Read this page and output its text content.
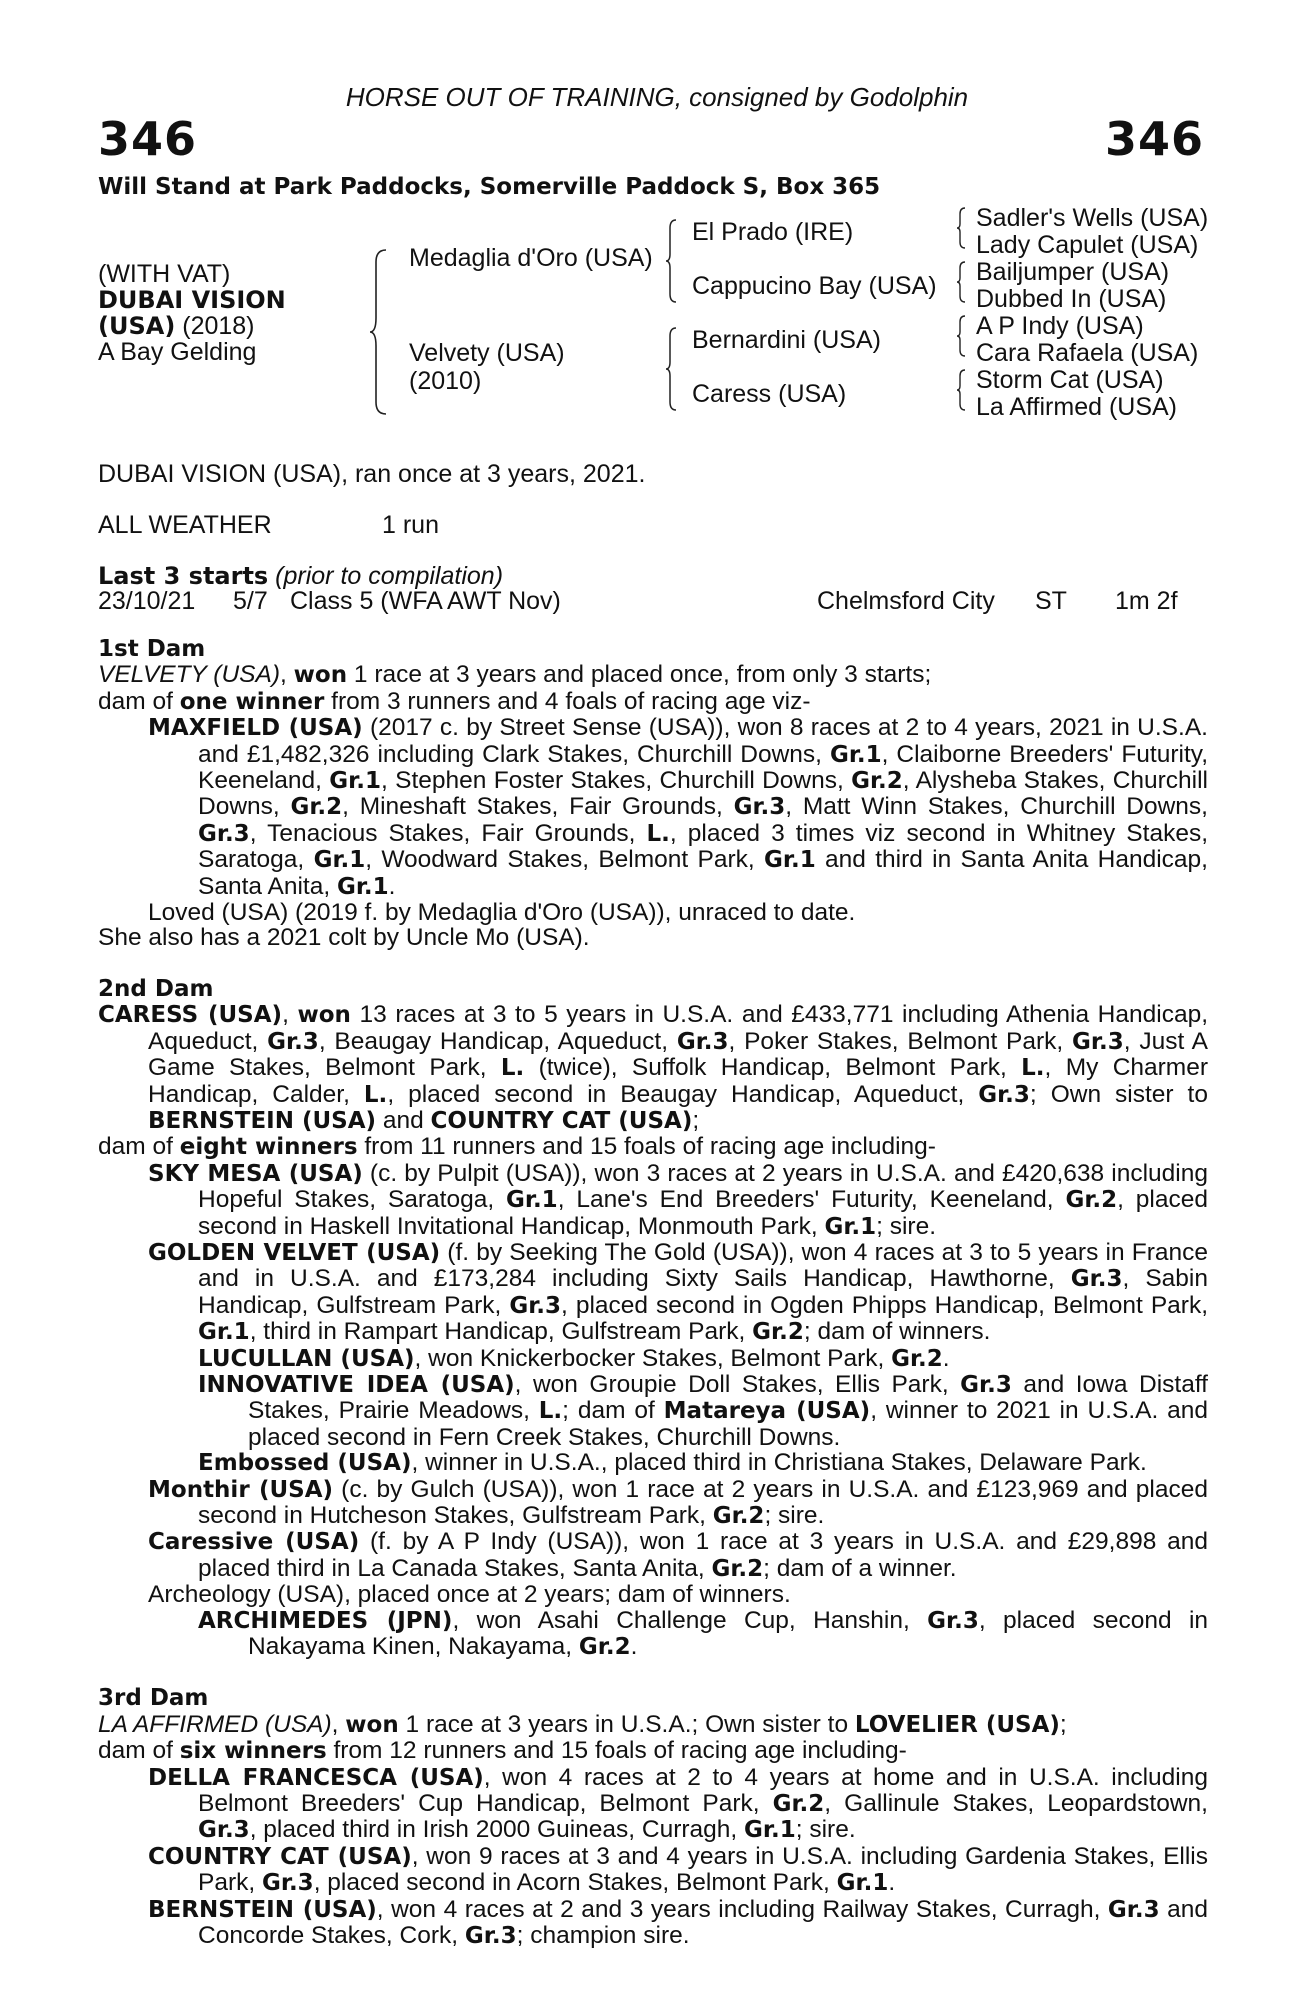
HORSE OUT OF TRAINING, consigned by Godolphin
346	346
Will Stand at Park Paddocks, Somerville Paddock S, Box 365
(WITH VAT)
DUBAI VISION
(USA) (2018)
A Bay Gelding
Medaglia d'Oro (USA)
Velvety (USA)
(2010)
El Prado (IRE)
Cappucino Bay (USA)
Bernardini (USA)
Caress (USA)
Sadler's Wells (USA)
Lady Capulet (USA)
Bailjumper (USA)
Dubbed In (USA)
A P Indy (USA)
Cara Rafaela (USA)
Storm Cat (USA)
La Affirmed (USA)
DUBAI VISION (USA), ran once at 3 years, 2021.
ALL WEATHER	1 run
Last 3 starts (prior to compilation)
23/10/21 5/7 Class 5 (WFA AWT Nov)	Chelmsford City ST 1m 2f

1st Dam

VELVETY (USA), won 1 race at 3 years and placed once, from only 3 starts;

dam of one winner from 3 runners and 4 foals of racing age viz-

MAXFIELD (USA) (2017 c. by Street Sense (USA)), won 8 races at 2 to 4 years, 2021 in U.S.A. and £1,482,326 including Clark Stakes, Churchill Downs, Gr.1, Claiborne Breeders' Futurity, Keeneland, Gr.1, Stephen Foster Stakes, Churchill Downs, Gr.2, Alysheba Stakes, Churchill Downs, Gr.2, Mineshaft Stakes, Fair Grounds, Gr.3, Matt Winn Stakes, Churchill Downs, Gr.3, Tenacious Stakes, Fair Grounds, L., placed 3 times viz second in Whitney Stakes, Saratoga, Gr.1, Woodward Stakes, Belmont Park, Gr.1 and third in Santa Anita Handicap, Santa Anita, Gr.1.

Loved (USA) (2019 f. by Medaglia d'Oro (USA)), unraced to date.

She also has a 2021 colt by Uncle Mo (USA).

2nd Dam

CARESS (USA), won 13 races at 3 to 5 years in U.S.A. and £433,771 including Athenia Handicap, Aqueduct, Gr.3, Beaugay Handicap, Aqueduct, Gr.3, Poker Stakes, Belmont Park, Gr.3, Just A Game Stakes, Belmont Park, L. (twice), Suffolk Handicap, Belmont Park, L., My Charmer Handicap, Calder, L., placed second in Beaugay Handicap, Aqueduct, Gr.3; Own sister to BERNSTEIN (USA) and COUNTRY CAT (USA);

dam of eight winners from 11 runners and 15 foals of racing age including-

SKY MESA (USA) (c. by Pulpit (USA)), won 3 races at 2 years in U.S.A. and £420,638 including Hopeful Stakes, Saratoga, Gr.1, Lane's End Breeders' Futurity, Keeneland, Gr.2, placed second in Haskell Invitational Handicap, Monmouth Park, Gr.1; sire.

GOLDEN VELVET (USA) (f. by Seeking The Gold (USA)), won 4 races at 3 to 5 years in France and in U.S.A. and £173,284 including Sixty Sails Handicap, Hawthorne, Gr.3, Sabin Handicap, Gulfstream Park, Gr.3, placed second in Ogden Phipps Handicap, Belmont Park, Gr.1, third in Rampart Handicap, Gulfstream Park, Gr.2; dam of winners.

LUCULLAN (USA), won Knickerbocker Stakes, Belmont Park, Gr.2.

INNOVATIVE IDEA (USA), won Groupie Doll Stakes, Ellis Park, Gr.3 and Iowa Distaff Stakes, Prairie Meadows, L.; dam of Matareya (USA), winner to 2021 in U.S.A. and placed second in Fern Creek Stakes, Churchill Downs.

Embossed (USA), winner in U.S.A., placed third in Christiana Stakes, Delaware Park.

Monthir (USA) (c. by Gulch (USA)), won 1 race at 2 years in U.S.A. and £123,969 and placed second in Hutcheson Stakes, Gulfstream Park, Gr.2; sire.

Caressive (USA) (f. by A P Indy (USA)), won 1 race at 3 years in U.S.A. and £29,898 and placed third in La Canada Stakes, Santa Anita, Gr.2; dam of a winner.

Archeology (USA), placed once at 2 years; dam of winners.

ARCHIMEDES (JPN), won Asahi Challenge Cup, Hanshin, Gr.3, placed second in Nakayama Kinen, Nakayama, Gr.2.

3rd Dam

LA AFFIRMED (USA), won 1 race at 3 years in U.S.A.; Own sister to LOVELIER (USA);

dam of six winners from 12 runners and 15 foals of racing age including-

DELLA FRANCESCA (USA), won 4 races at 2 to 4 years at home and in U.S.A. including Belmont Breeders' Cup Handicap, Belmont Park, Gr.2, Gallinule Stakes, Leopardstown, Gr.3, placed third in Irish 2000 Guineas, Curragh, Gr.1; sire.

COUNTRY CAT (USA), won 9 races at 3 and 4 years in U.S.A. including Gardenia Stakes, Ellis Park, Gr.3, placed second in Acorn Stakes, Belmont Park, Gr.1.

BERNSTEIN (USA), won 4 races at 2 and 3 years including Railway Stakes, Curragh, Gr.3 and Concorde Stakes, Cork, Gr.3; champion sire.
